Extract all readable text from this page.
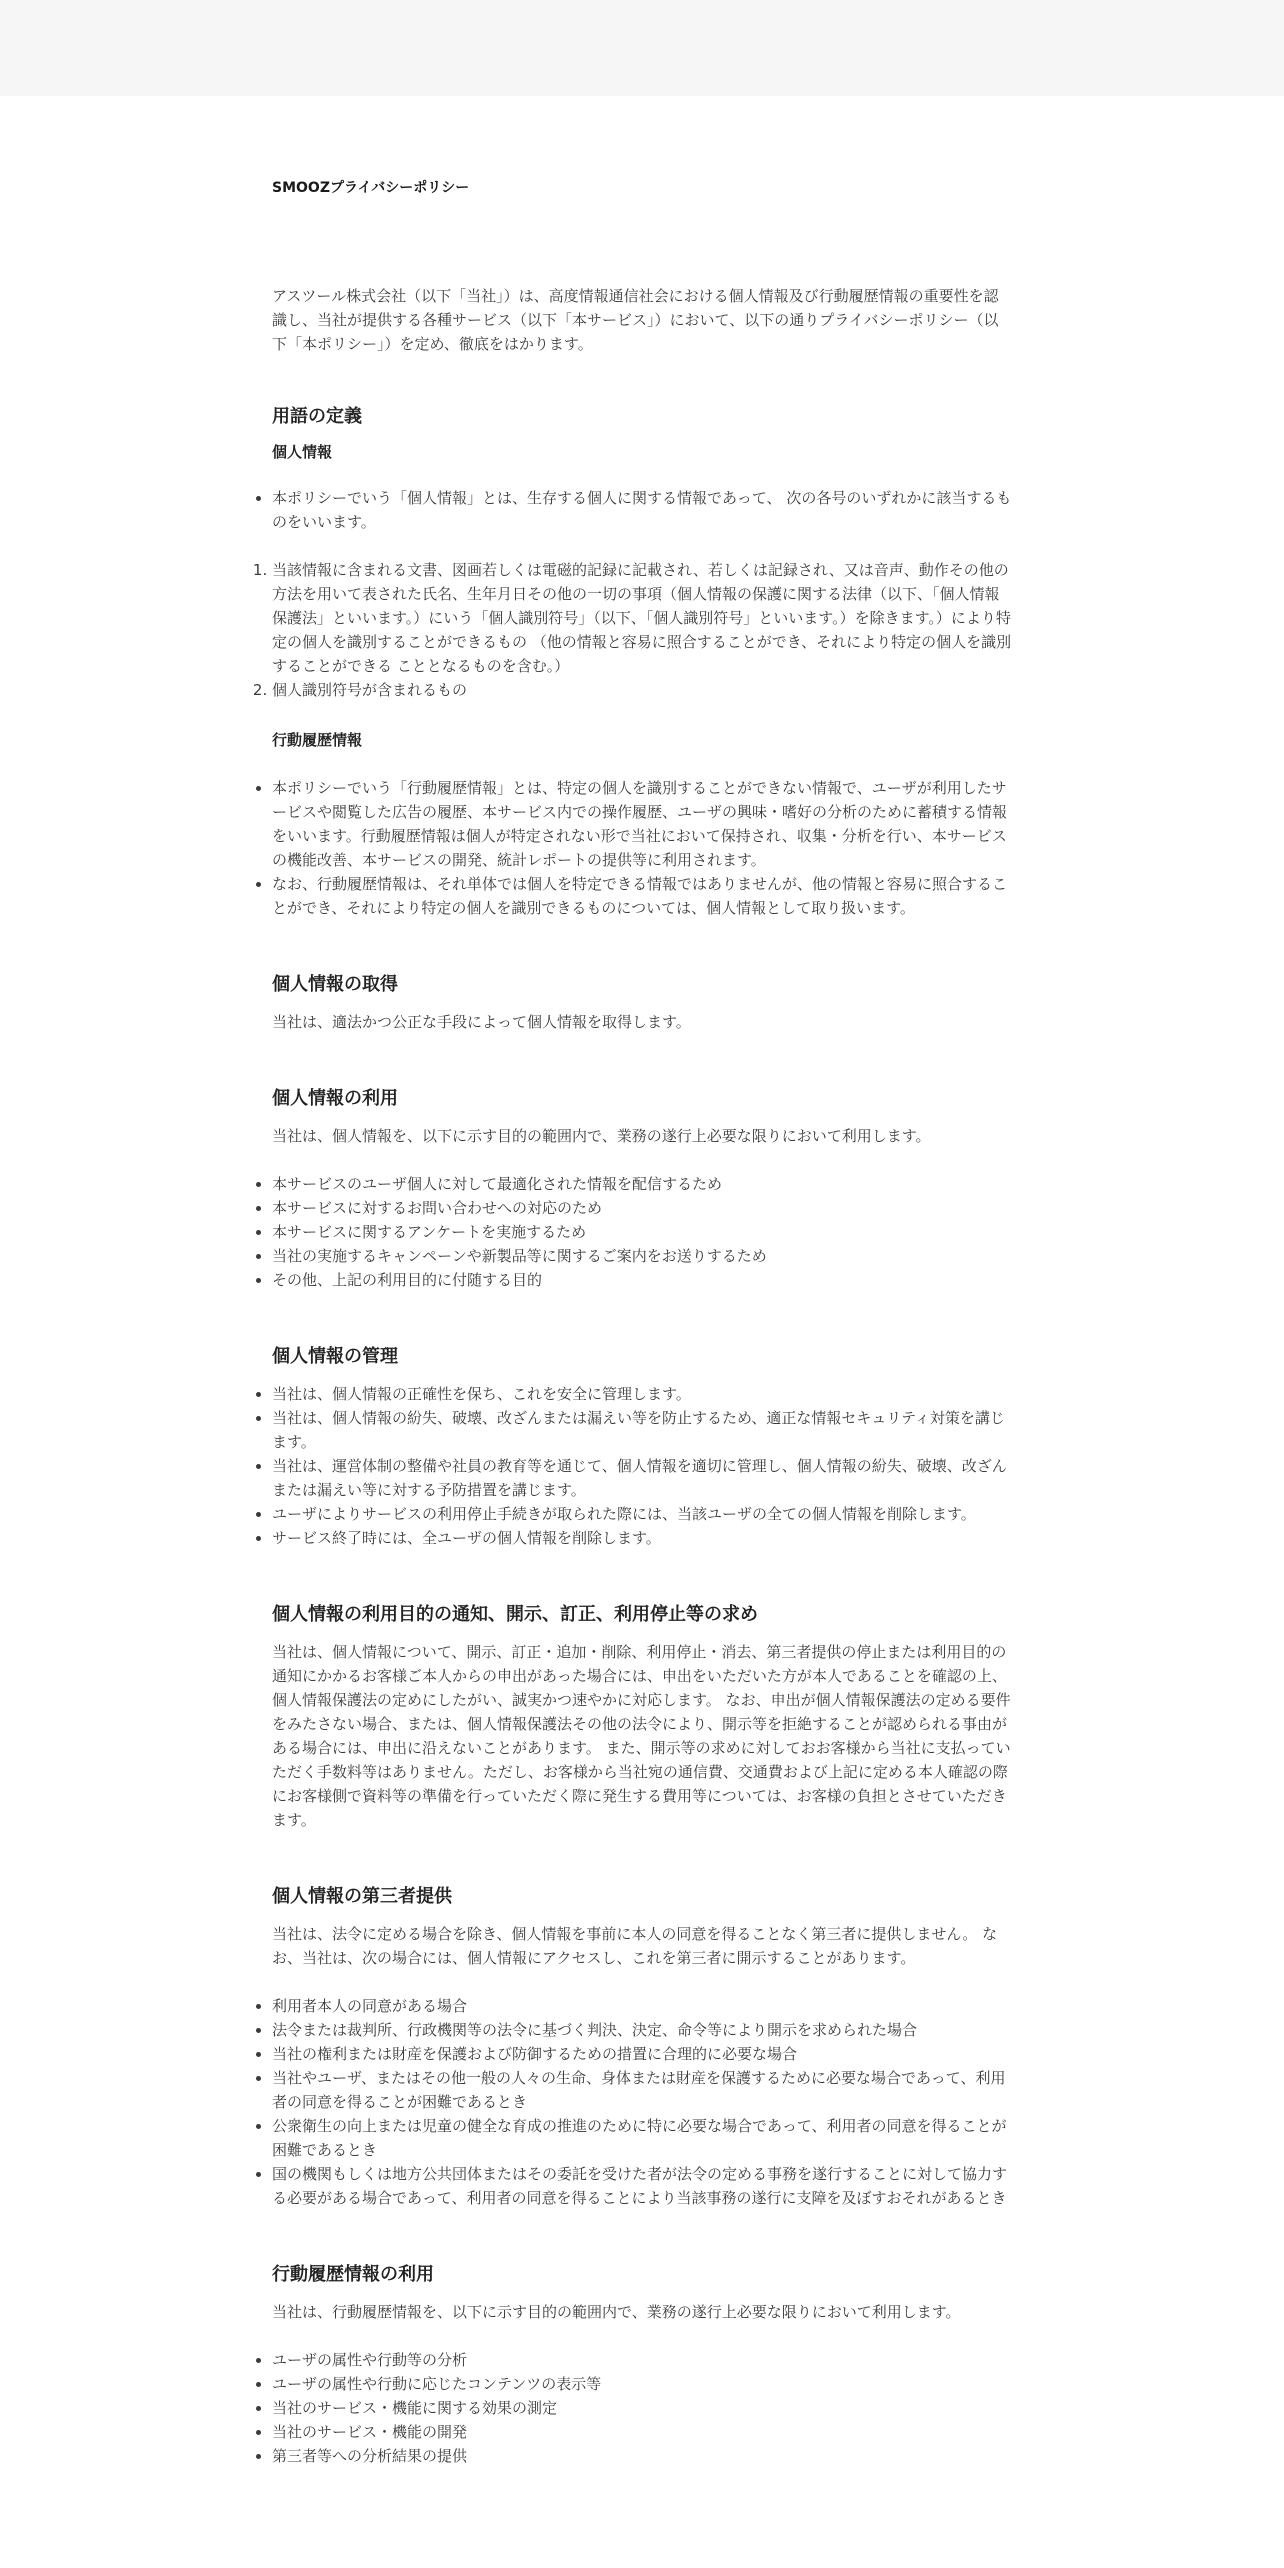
SMOOZプライバシーポリシー

アスツール株式会社（以下「当社」）は、高度情報通信社会における個人情報及び行動履歴情報の重要性を認識し、当社が提供する各種サービス（以下「本サービス」）において、以下の通りプライバシーポリシー（以下「本ポリシー」）を定め、徹底をはかります。

用語の定義
個人情報
• 本ポリシーでいう「個人情報」とは、生存する個人に関する情報であって、 次の各号のいずれかに該当するものをいいます。
1. 当該情報に含まれる文書、図画若しくは電磁的記録に記載され、若しくは記録され、又は音声、動作その他の方法を用いて表された氏名、生年月日その他の一切の事項（個人情報の保護に関する法律（以下、「個人情報保護法」といいます。）にいう「個人識別符号」（以下、「個人識別符号」といいます。）を除きます。）により特定の個人を識別することができるもの （他の情報と容易に照合することができ、それにより特定の個人を識別することができる こととなるものを含む。）
2. 個人識別符号が含まれるもの
行動履歴情報
• 本ポリシーでいう「行動履歴情報」とは、特定の個人を識別することができない情報で、ユーザが利用したサービスや閲覧した広告の履歴、本サービス内での操作履歴、ユーザの興味・嗜好の分析のために蓄積する情報をいいます。行動履歴情報は個人が特定されない形で当社において保持され、収集・分析を行い、本サービスの機能改善、本サービスの開発、統計レポートの提供等に利用されます。
• なお、行動履歴情報は、それ単体では個人を特定できる情報ではありませんが、他の情報と容易に照合することができ、それにより特定の個人を識別できるものについては、個人情報として取り扱います。
個人情報の取得

当社は、適法かつ公正な手段によって個人情報を取得します。

個人情報の利用

当社は、個人情報を、以下に示す目的の範囲内で、業務の遂行上必要な限りにおいて利用します。

• 本サービスのユーザ個人に対して最適化された情報を配信するため
• 本サービスに対するお問い合わせへの対応のため
• 本サービスに関するアンケートを実施するため
• 当社の実施するキャンペーンや新製品等に関するご案内をお送りするため
• その他、上記の利用目的に付随する目的
個人情報の管理
• 当社は、個人情報の正確性を保ち、これを安全に管理します。
• 当社は、個人情報の紛失、破壊、改ざんまたは漏えい等を防止するため、適正な情報セキュリティ対策を講じます。
• 当社は、運営体制の整備や社員の教育等を通じて、個人情報を適切に管理し、個人情報の紛失、破壊、改ざんまたは漏えい等に対する予防措置を講じます。
• ユーザによりサービスの利用停止手続きが取られた際には、当該ユーザの全ての個人情報を削除します。
• サービス終了時には、全ユーザの個人情報を削除します。
個人情報の利用目的の通知、開示、訂正、利用停止等の求め

当社は、個人情報について、開示、訂正・追加・削除、利用停止・消去、第三者提供の停止または利用目的の通知にかかるお客様ご本人からの申出があった場合には、申出をいただいた方が本人であることを確認の上、個人情報保護法の定めにしたがい、誠実かつ速やかに対応します。 なお、申出が個人情報保護法の定める要件をみたさない場合、または、個人情報保護法その他の法令により、開示等を拒絶することが認められる事由がある場合には、申出に沿えないことがあります。 また、開示等の求めに対しておお客様から当社に支払っていただく手数料等はありません。ただし、お客様から当社宛の通信費、交通費および上記に定める本人確認の際にお客様側で資料等の準備を行っていただく際に発生する費用等については、お客様の負担とさせていただきます。

個人情報の第三者提供

当社は、法令に定める場合を除き、個人情報を事前に本人の同意を得ることなく第三者に提供しません。 なお、当社は、次の場合には、個人情報にアクセスし、これを第三者に開示することがあります。

• 利用者本人の同意がある場合
• 法令または裁判所、行政機関等の法令に基づく判決、決定、命令等により開示を求められた場合
• 当社の権利または財産を保護および防御するための措置に合理的に必要な場合
• 当社やユーザ、またはその他一般の人々の生命、身体または財産を保護するために必要な場合であって、利用者の同意を得ることが困難であるとき
• 公衆衛生の向上または児童の健全な育成の推進のために特に必要な場合であって、利用者の同意を得ることが困難であるとき
• 国の機関もしくは地方公共団体またはその委託を受けた者が法令の定める事務を遂行することに対して協力する必要がある場合であって、利用者の同意を得ることにより当該事務の遂行に支障を及ぼすおそれがあるとき
行動履歴情報の利用

当社は、行動履歴情報を、以下に示す目的の範囲内で、業務の遂行上必要な限りにおいて利用します。

• ユーザの属性や行動等の分析
• ユーザの属性や行動に応じたコンテンツの表示等
• 当社のサービス・機能に関する効果の測定
• 当社のサービス・機能の開発
• 第三者等への分析結果の提供
